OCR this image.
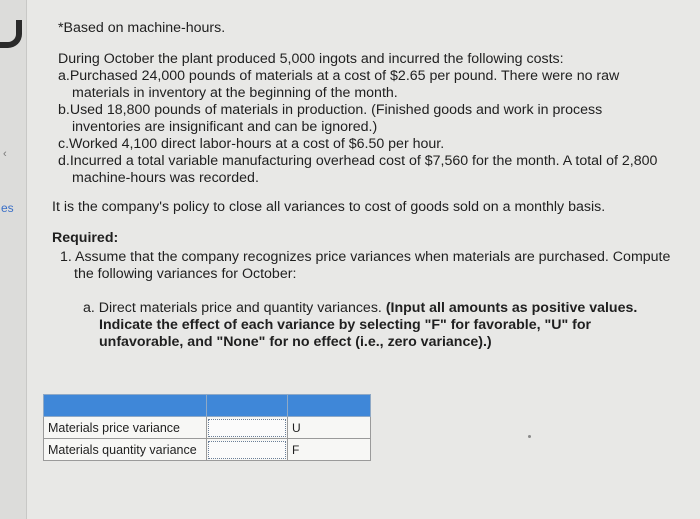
‹
es
*Based on machine-hours.
During October the plant produced 5,000 ingots and incurred the following costs:
a.Purchased 24,000 pounds of materials at a cost of $2.65 per pound. There were no raw materials in inventory at the beginning of the month.
b.Used 18,800 pounds of materials in production. (Finished goods and work in process inventories are insignificant and can be ignored.)
c.Worked 4,100 direct labor-hours at a cost of $6.50 per hour.
d.Incurred a total variable manufacturing overhead cost of $7,560 for the month. A total of 2,800 machine-hours was recorded.
It is the company's policy to close all variances to cost of goods sold on a monthly basis.
Required:
1. Assume that the company recognizes price variances when materials are purchased. Compute the following variances for October:
a. Direct materials price and quantity variances. (Input all amounts as positive values. Indicate the effect of each variance by selecting "F" for favorable, "U" for unfavorable, and "None" for no effect (i.e., zero variance).)

Materials price variance		U
Materials quantity variance		F
